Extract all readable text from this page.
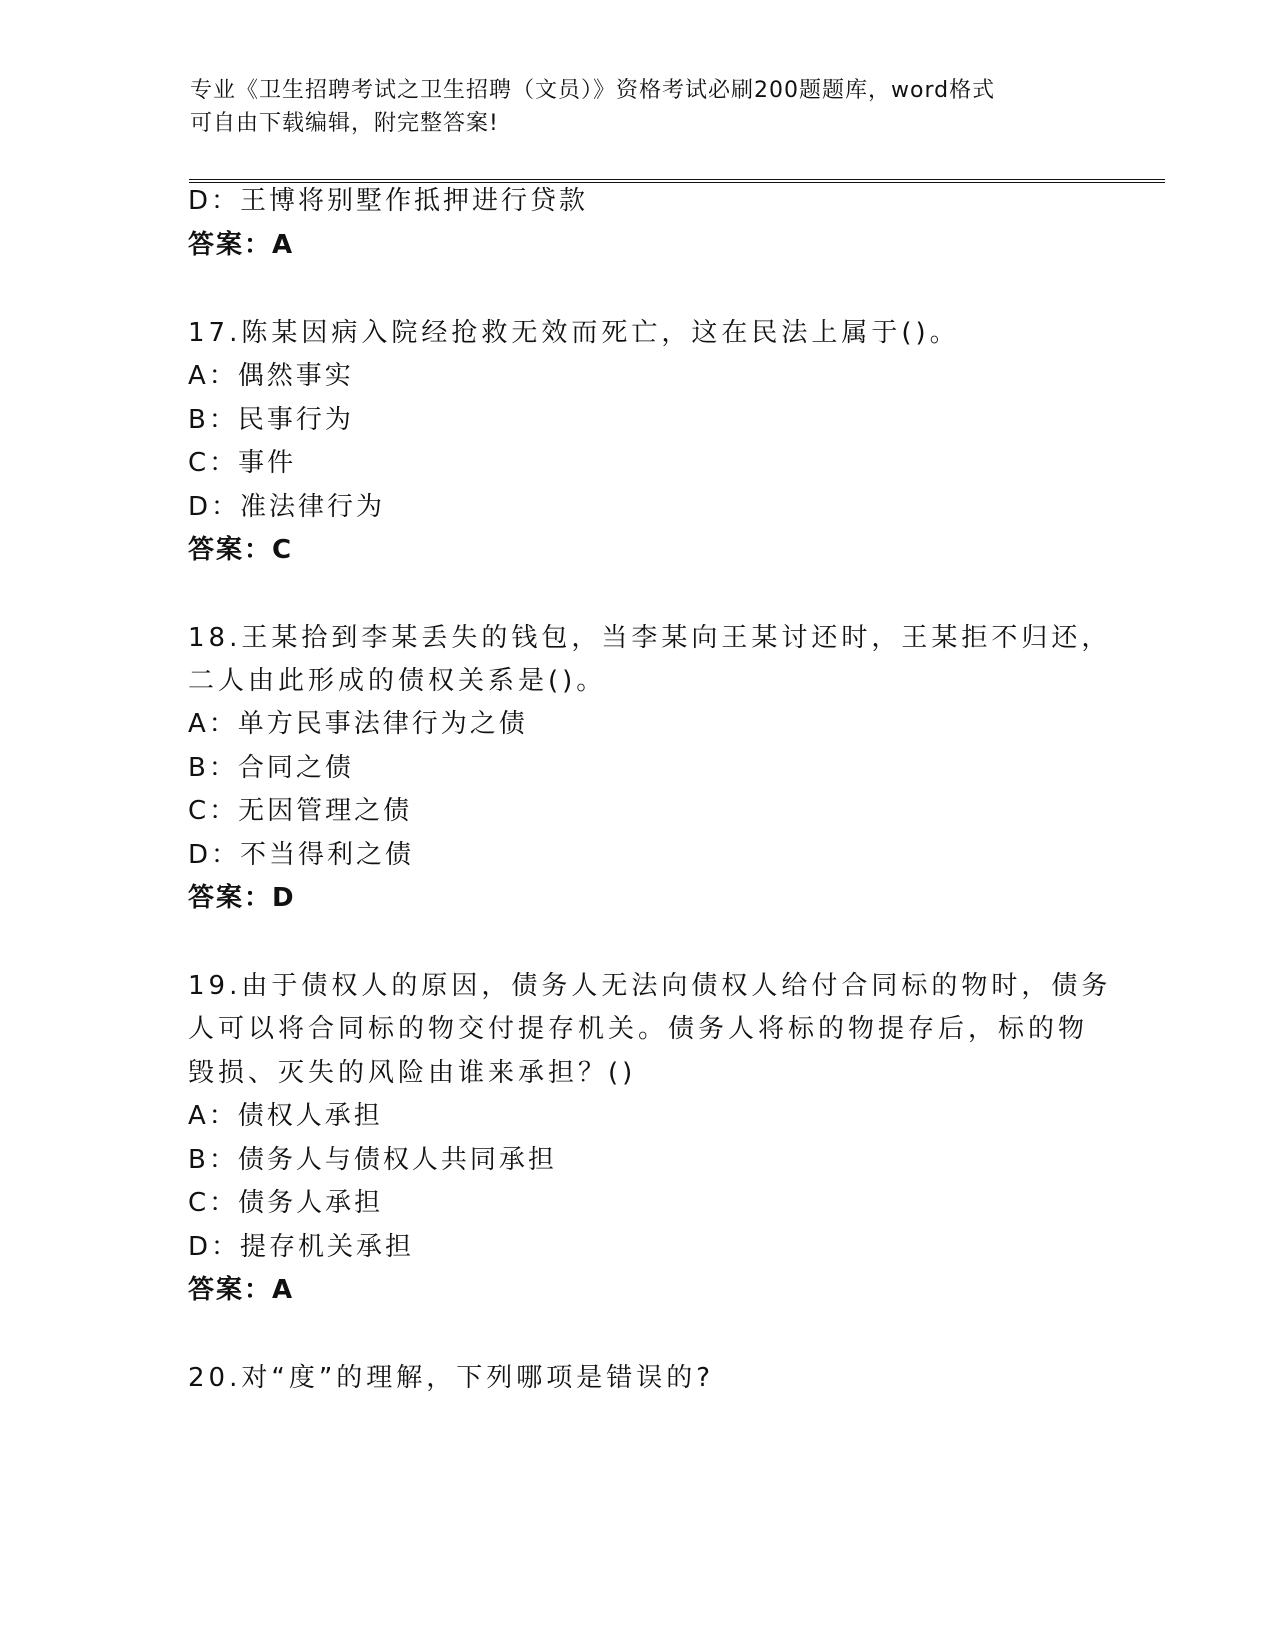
专业《卫生招聘考试之卫生招聘（文员）》资格考试必刷200题题库，word格式
可自由下载编辑，附完整答案!
D：王博将别墅作抵押进行贷款
答案：A
17.陈某因病入院经抢救无效而死亡，这在民法上属于()。
A：偶然事实
B：民事行为
C：事件
D：准法律行为
答案：C
18.王某拾到李某丢失的钱包，当李某向王某讨还时，王某拒不归还，
二人由此形成的债权关系是()。
A：单方民事法律行为之债
B：合同之债
C：无因管理之债
D：不当得利之债
答案：D
19.由于债权人的原因，债务人无法向债权人给付合同标的物时，债务
人可以将合同标的物交付提存机关。债务人将标的物提存后，标的物
毁损、灭失的风险由谁来承担？()
A：债权人承担
B：债务人与债权人共同承担
C：债务人承担
D：提存机关承担
答案：A
20.对“度”的理解，下列哪项是错误的?
